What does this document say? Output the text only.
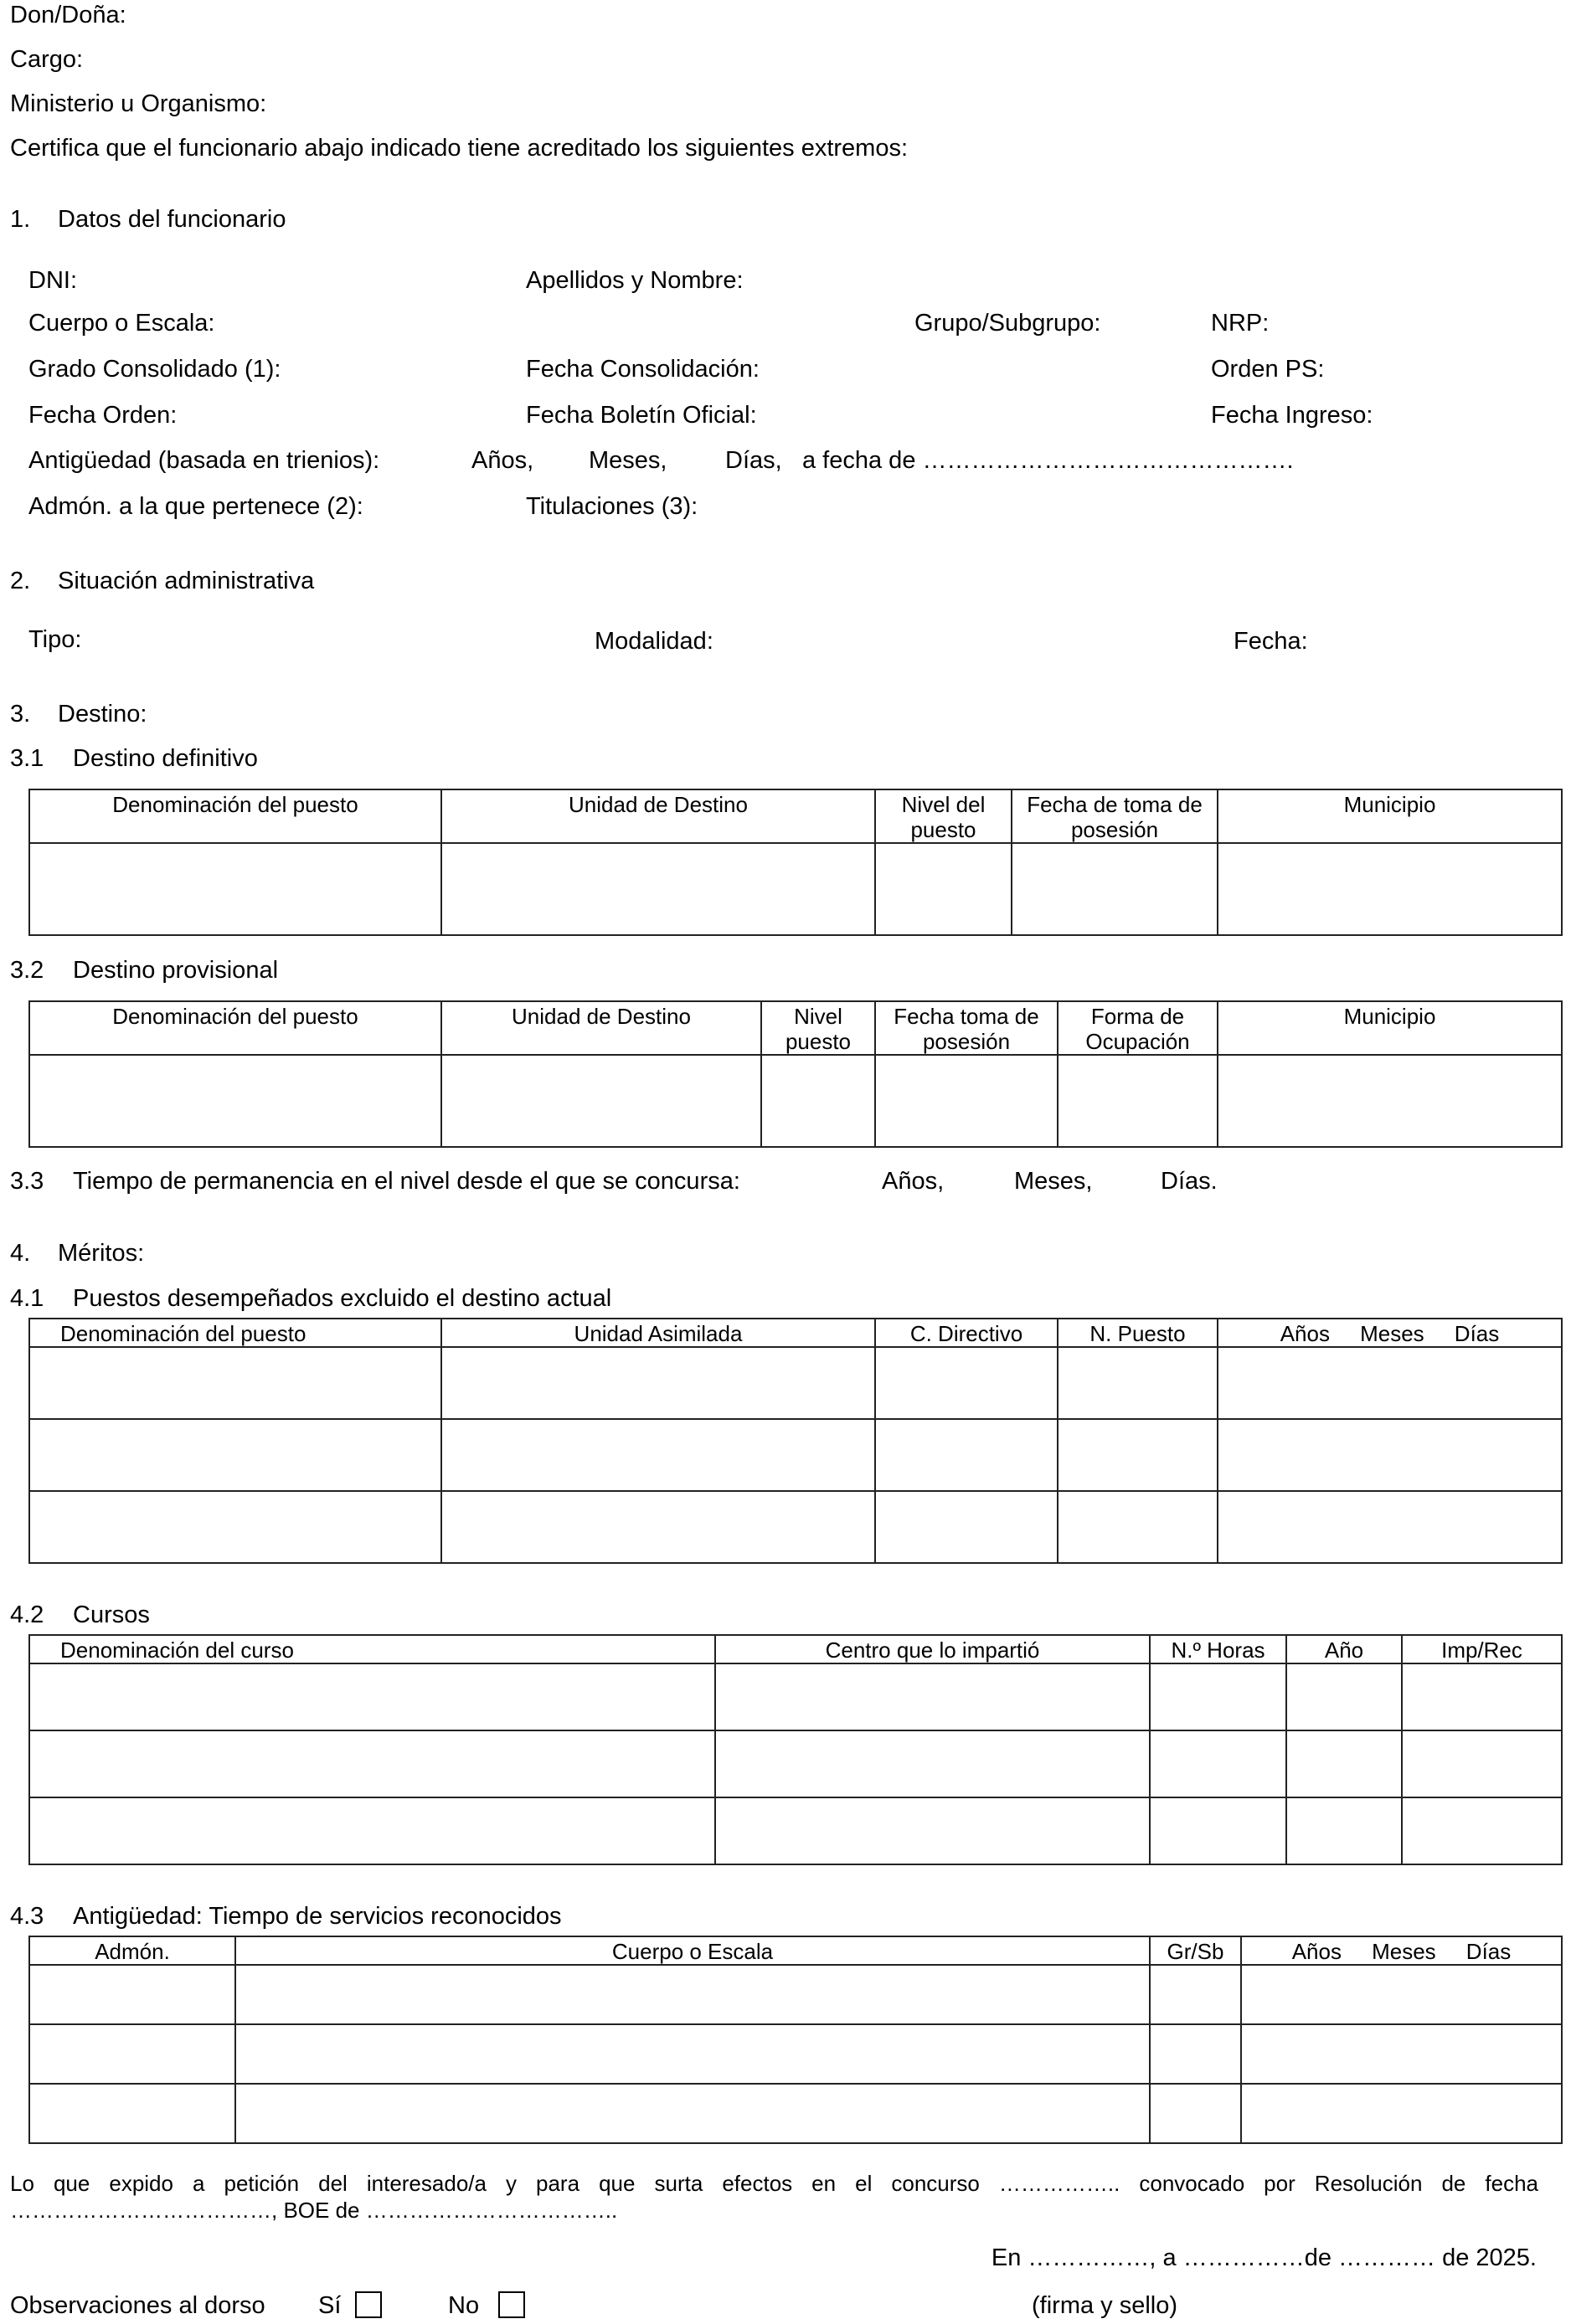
Don/Doña:
Cargo:
Ministerio u Organismo:
Certifica que el funcionario abajo indicado tiene acreditado los siguientes extremos:
1. Datos del funcionario
DNI:	Apellidos y Nombre:
Cuerpo o Escala:	Grupo/Subgrupo:	NRP:
Grado Consolidado (1):	Fecha Consolidación:	Orden PS:
Fecha Orden:	Fecha Boletín Oficial:	Fecha Ingreso:
Antigüedad (basada en trienios):	Años, Meses, Días, a fecha de ……………………………………….
Admón. a la que pertenece (2):	Titulaciones (3):
2. Situación administrativa
Tipo:	Modalidad:	Fecha:
3. Destino:
3.1 Destino definitivo
Denominación del puesto	Unidad de Destino	Nivel del puesto	Fecha de toma de posesión	Municipio

3.2 Destino provisional
Denominación del puesto	Unidad de Destino	Nivel puesto	Fecha toma de posesión	Forma de Ocupación	Municipio

3.3 Tiempo de permanencia en el nivel desde el que se concursa:	Años,	Meses,	Días.
4. Méritos:
4.1 Puestos desempeñados excluido el destino actual
Denominación del puesto	Unidad Asimilada	C. Directivo	N. Puesto	Años     Meses     Días

4.2 Cursos
Denominación del curso	Centro que lo impartió	N.º Horas	Año	Imp/Rec

4.3 Antigüedad: Tiempo de servicios reconocidos
Admón.	Cuerpo o Escala	Gr/Sb	Años     Meses     Días

Lo que expido a petición del interesado/a y para que surta efectos en el concurso …………….. convocado por Resolución de fecha ………………………………, BOE de ……………………………..
En ……………, a ……………de ………… de 2025.
Observaciones al dorso Sí	No	(firma y sello)
